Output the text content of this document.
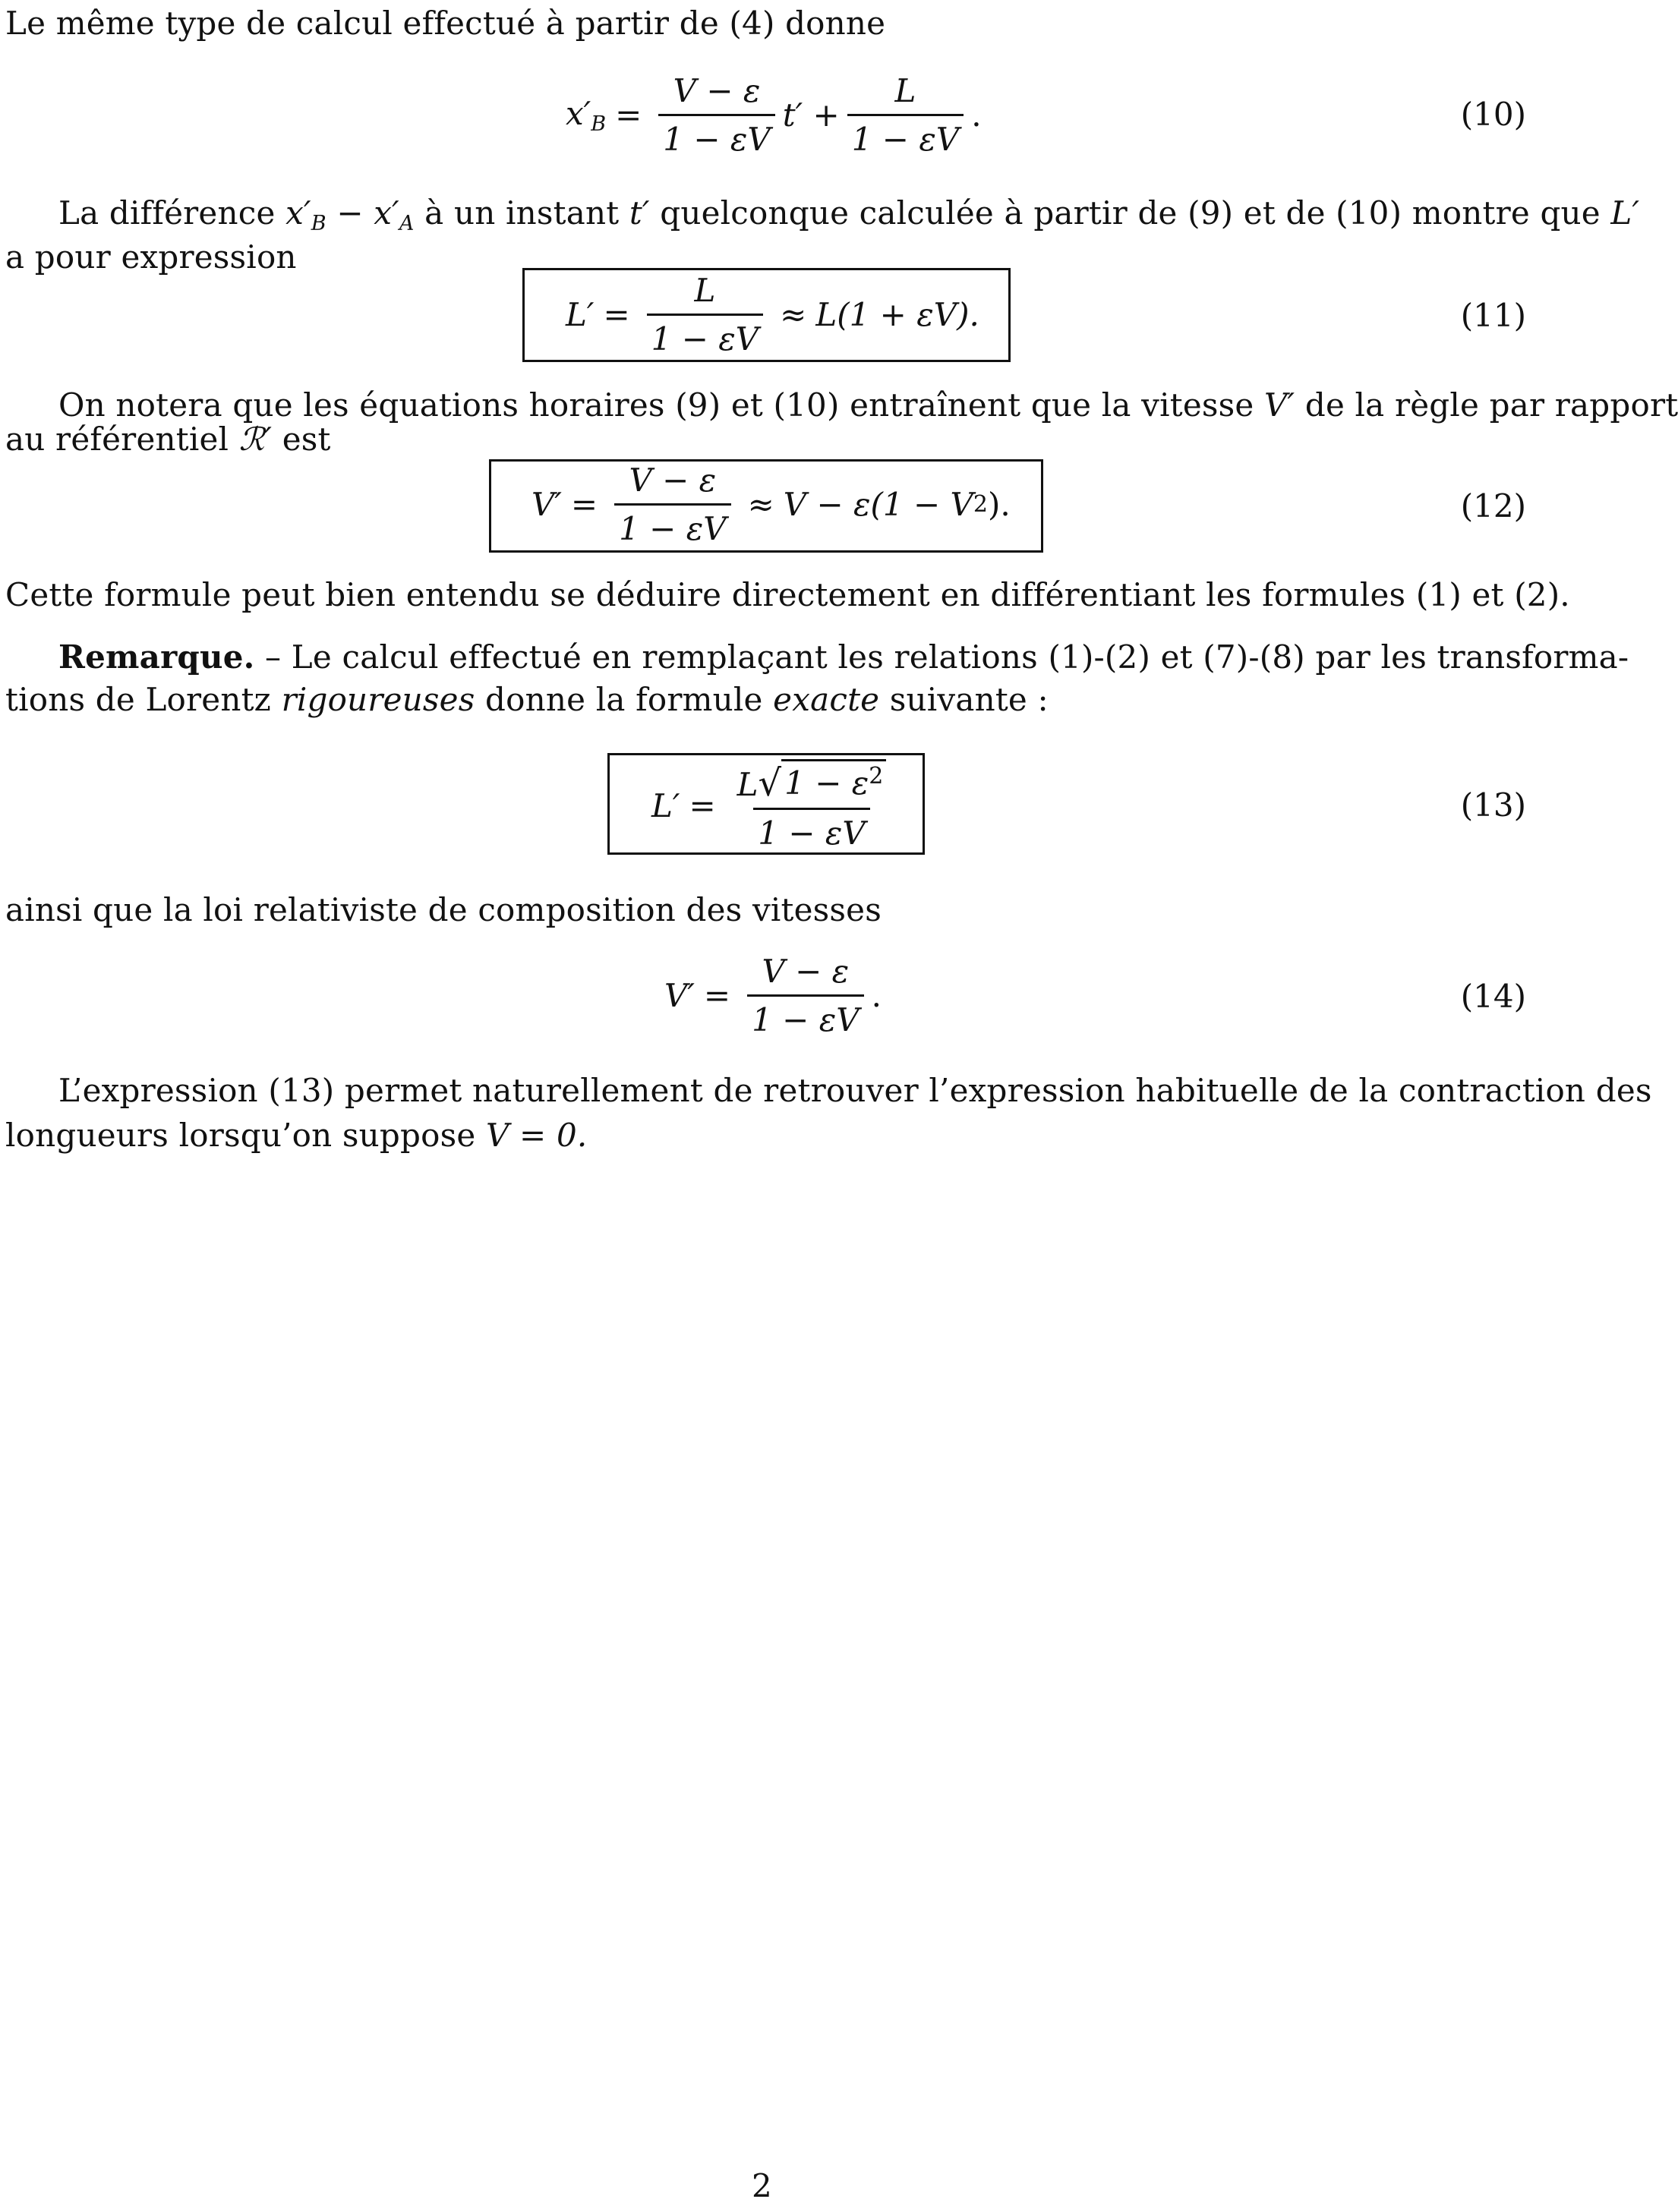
Le même type de calcul effectué à partir de (4) donne
$x'_B = \frac{V - \varepsilon}{1 - \varepsilon V} t' + \frac{L}{1 - \varepsilon V}$ .	(10)
La différence $x'_B - x'_A$ à un instant t′ quelconque calculée à partir de (9) et de (10) montre que L′
a pour expression
$L' = \frac{L}{1 - \varepsilon V} \approx L(1 + \varepsilon V)$.	(11)
On notera que les équations horaires (9) et (10) entraînent que la vitesse V′ de la règle par rapport
au référentiel ℛ′ est
$V' = \frac{V - \varepsilon}{1 - \varepsilon V} \approx V - \varepsilon(1 - V$ 2 ).	(12)
Cette formule peut bien entendu se déduire directement en différentiant les formules (1) et (2).
Remarque. – Le calcul effectué en remplaçant les relations (1)-(2) et (7)-(8) par les transforma-
tions de Lorentz rigoureuses donne la formule exacte suivante :
$L' = \frac{L √ 1 - \varepsilon^2}{1 - \varepsilon V}$	(13)
ainsi que la loi relativiste de composition des vitesses
$V' = \frac{V - \varepsilon}{1 - \varepsilon V}$ .	(14)
L’expression (13) permet naturellement de retrouver l’expression habituelle de la contraction des
longueurs lorsqu’on suppose V = 0.
2
